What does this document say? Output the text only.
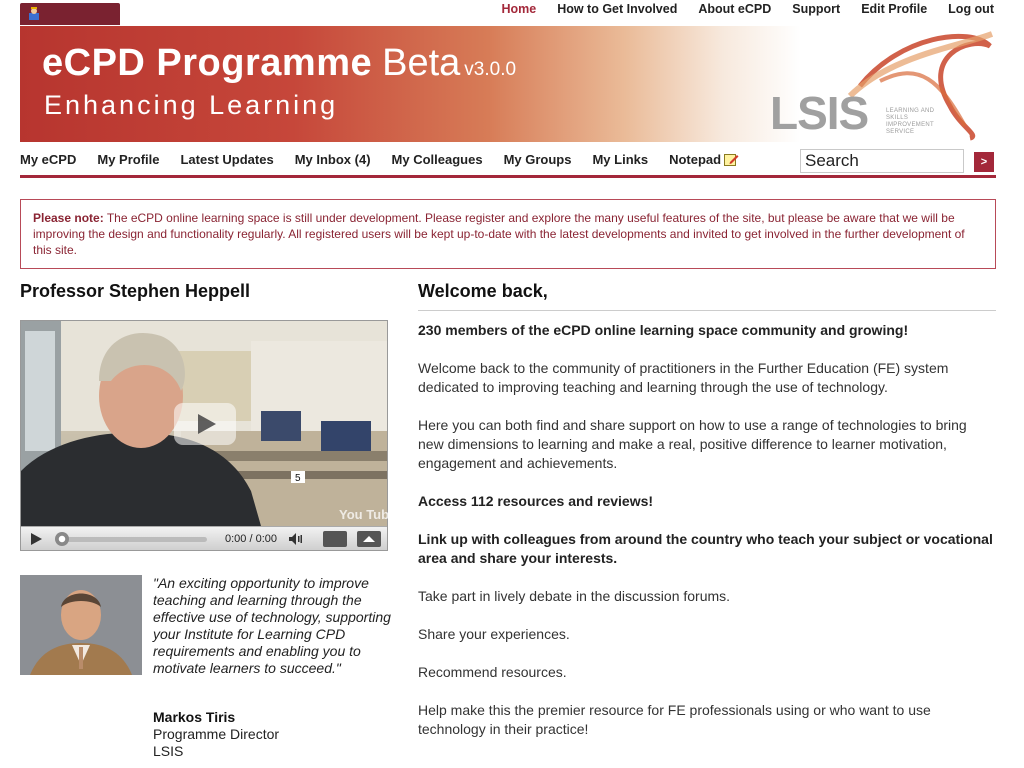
Home How to Get Involved About eCPD Support Edit Profile Log out
eCPD Programme Beta v3.0.0
Enhancing Learning	LSIS	LEARNING AND SKILLS IMPROVEMENT SERVICE
My eCPD My Profile Latest Updates My Inbox (4) My Colleagues My Groups My Links Notepad
Search	>
Please note: The eCPD online learning space is still under development. Please register and explore the many useful features of the site, but please be aware that we will be improving the design and functionality regularly. All registered users will be kept up-to-date with the latest developments and invited to get involved in the further development of this site.
Professor Stephen Heppell
5
You Tube
0:00 / 0:00
"An exciting opportunity to improve teaching and learning through the effective use of technology, supporting your Institute for Learning CPD requirements and enabling you to motivate learners to succeed."
Markos Tiris
Programme Director
LSIS
Welcome back,
230 members of the eCPD online learning space community and growing!
Welcome back to the community of practitioners in the Further Education (FE) system dedicated to improving teaching and learning through the use of technology.
Here you can both find and share support on how to use a range of technologies to bring new dimensions to learning and make a real, positive difference to learner motivation, engagement and achievements.
Access 112 resources and reviews!
Link up with colleagues from around the country who teach your subject or vocational area and share your interests.
Take part in lively debate in the discussion forums.
Share your experiences.
Recommend resources.
Help make this the premier resource for FE professionals using or who want to use technology in their practice!
